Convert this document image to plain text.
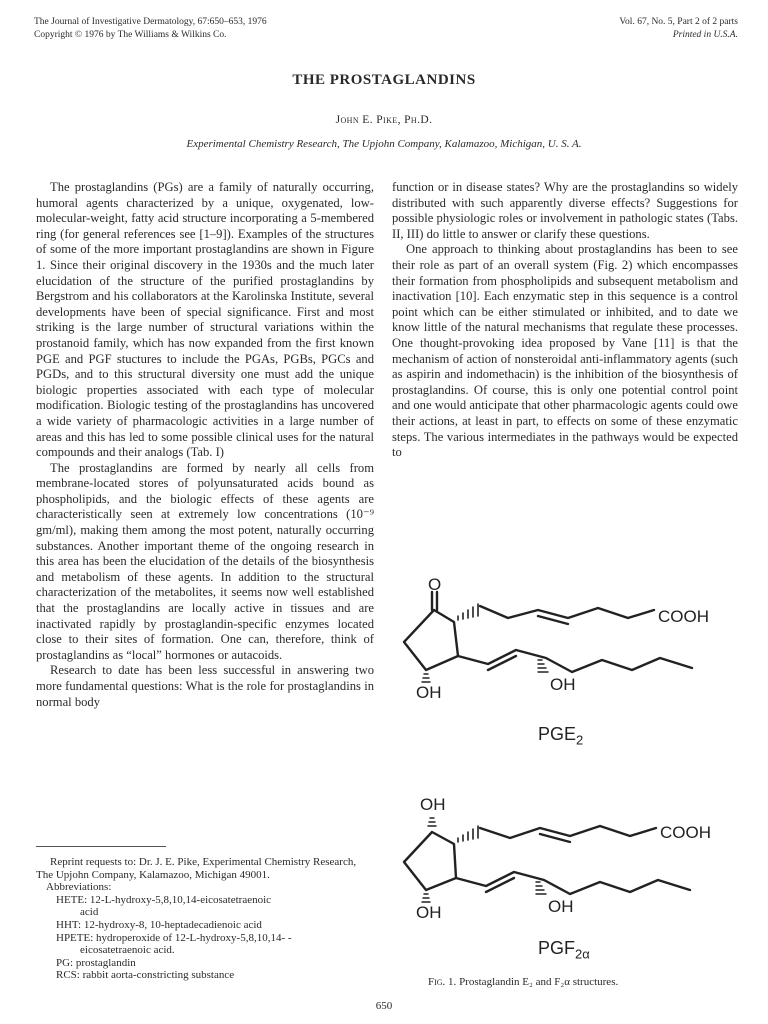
The Journal of Investigative Dermatology, 67:650–653, 1976
Copyright © 1976 by The Williams & Wilkins Co.
Vol. 67, No. 5, Part 2 of 2 parts
Printed in U.S.A.
THE PROSTAGLANDINS
John E. Pike, Ph.D.
Experimental Chemistry Research, The Upjohn Company, Kalamazoo, Michigan, U. S. A.

The prostaglandins (PGs) are a family of naturally occurring, humoral agents characterized by a unique, oxygenated, low-molecular-weight, fatty acid structure incorporating a 5-membered ring (for general references see [1–9]). Examples of the structures of some of the more important prostaglandins are shown in Figure 1. Since their original discovery in the 1930s and the much later elucidation of the structure of the purified prostaglandins by Bergstrom and his collaborators at the Karolinska Institute, several developments have been of special significance. First and most striking is the large number of structural variations within the prostanoid family, which has now expanded from the first known PGE and PGF stuctures to include the PGAs, PGBs, PGCs and PGDs, and to this structural diversity one must add the unique biologic properties associated with each type of molecular modification. Biologic testing of the prostaglandins has uncovered a wide variety of pharmacologic activities in a large number of areas and this has led to some possible clinical uses for the natural compounds and their analogs (Tab. I)

The prostaglandins are formed by nearly all cells from membrane-located stores of polyunsaturated acids bound as phospholipids, and the biologic effects of these agents are characteristically seen at extremely low concentrations (10⁻⁹ gm/ml), making them among the most potent, naturally occurring substances. Another important theme of the ongoing research in this area has been the elucidation of the details of the biosynthesis and metabolism of these agents. In addition to the structural characterization of the metabolites, it seems now well established that the prostaglandins are locally active in tissues and are inactivated rapidly by prostaglandin-specific enzymes located close to their sites of formation. One can, therefore, think of prostaglandins as “local” hormones or autacoids.

Research to date has been less successful in answering two more fundamental questions: What is the role for prostaglandins in normal body

function or in disease states? Why are the prostaglandins so widely distributed with such apparently diverse effects? Suggestions for possible physiologic roles or involvement in pathologic states (Tabs. II, III) do little to answer or clarify these questions.

One approach to thinking about prostaglandins has been to see their role as part of an overall system (Fig. 2) which encompasses their formation from phospholipids and subsequent metabolism and inactivation [10]. Each enzymatic step in this sequence is a control point which can be either stimulated or inhibited, and to date we know little of the natural mechanisms that regulate these processes. One thought-provoking idea proposed by Vane [11] is that the mechanism of action of nonsteroidal anti-inflammatory agents (such as aspirin and indomethacin) is the inhibition of the biosynthesis of prostaglandins. Of course, this is only one potential control point and one would anticipate that other pharmacologic agents could owe their actions, at least in part, to effects on some of these enzymatic steps. The various intermediates in the pathways would be expected to

Reprint requests to: Dr. J. E. Pike, Experimental Chemistry Research, The Upjohn Company, Kalamazoo, Michigan 49001.

Abbreviations:
HETE: 12-L-hydroxy-5,8,10,14-eicosatetraenoic
acid
HHT: 12-hydroxy-8, 10-heptadecadienoic acid
HPETE: hydroperoxide of 12-L-hydroxy-5,8,10,14- -
eicosatetraenoic acid.
PG: prostaglandin
RCS: rabbit aorta-constricting substance
O
COOH
OH	OH
OH
COOH
OH	OH
$PGE_2$
$PGF_{2\alpha}$
Fig. 1. Prostaglandin E₂ and F₂α structures.
650
